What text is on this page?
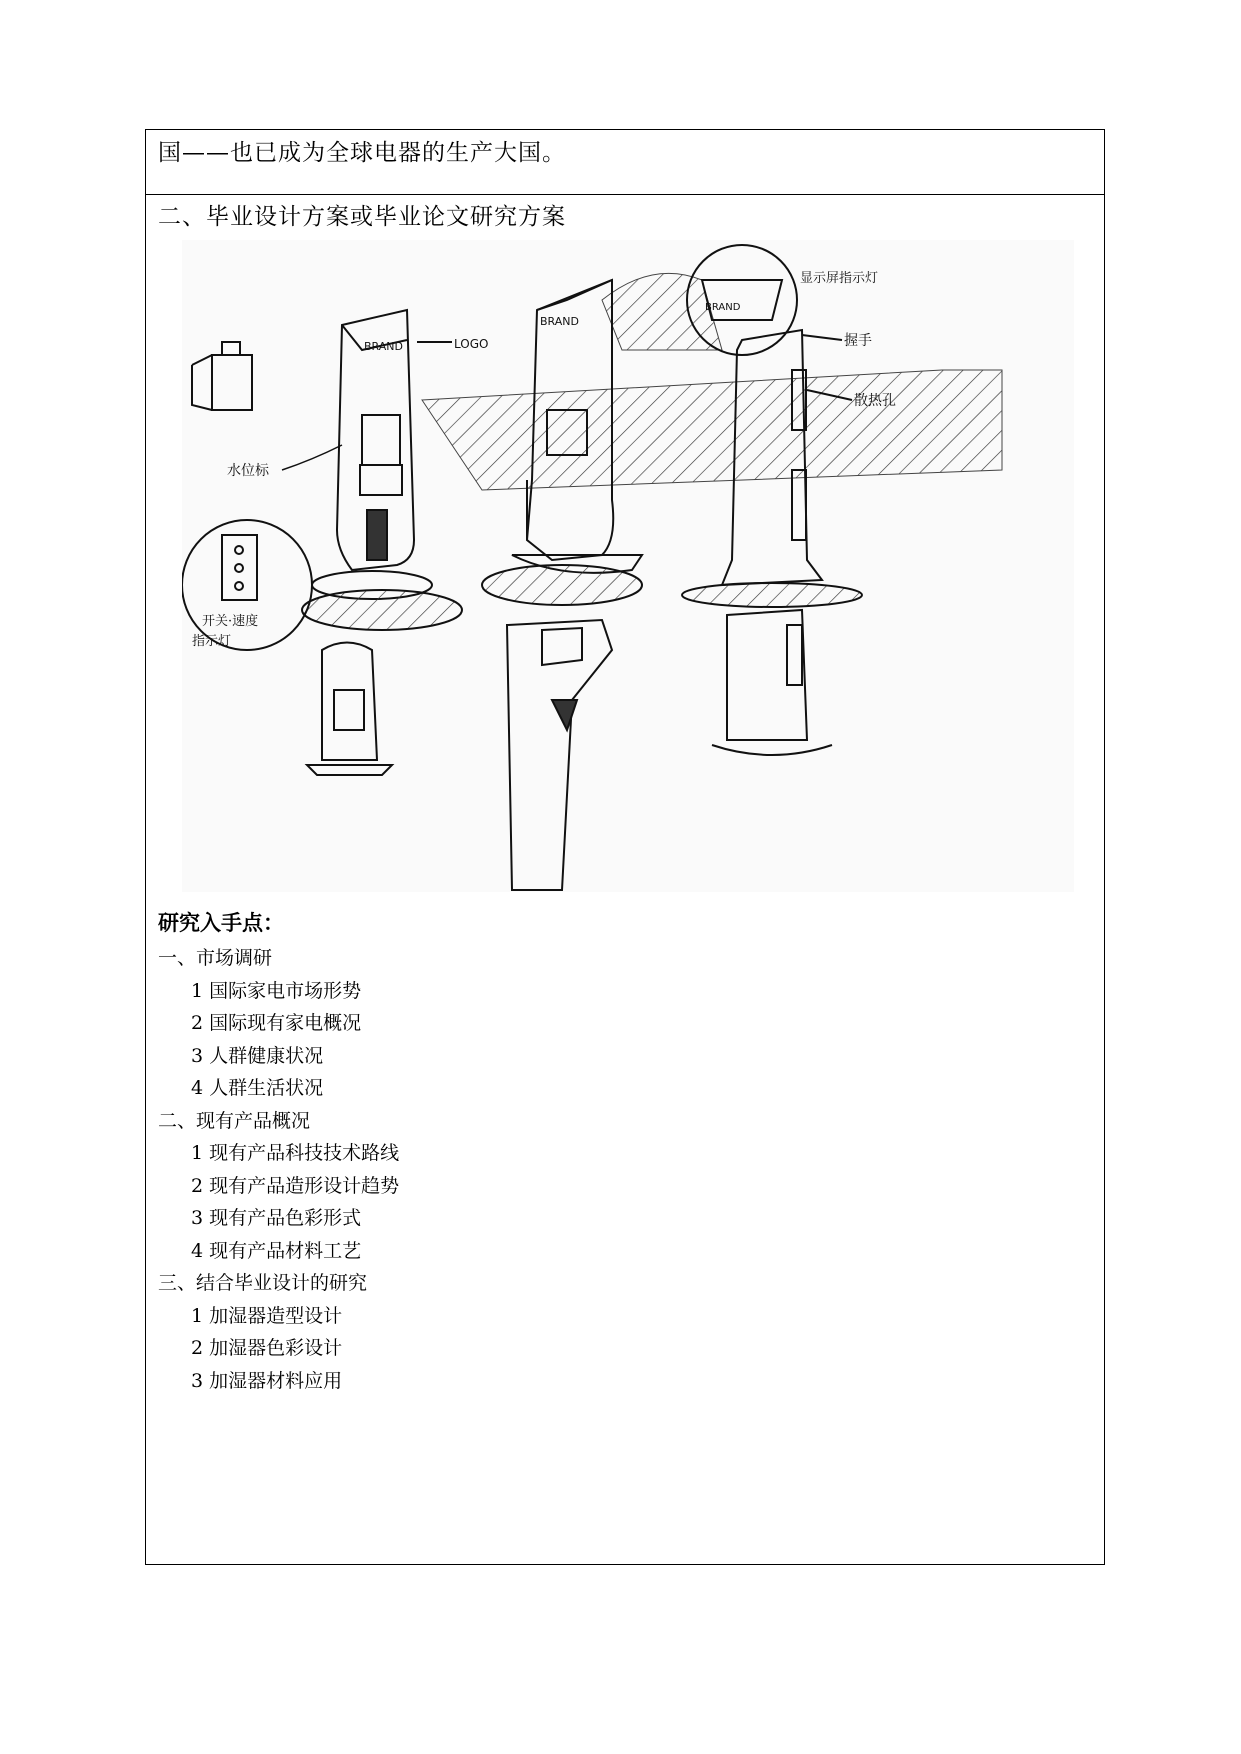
国——也已成为全球电器的生产大国。
二、毕业设计方案或毕业论文研究方案
BRAND	LOGO
BRAND
握手
散热孔
BRAND
显示屏指示灯
水位标
开关·速度
指示灯
研究入手点：
一、市场调研
1 国际家电市场形势
2 国际现有家电概况
3 人群健康状况
4 人群生活状况
二、现有产品概况
1 现有产品科技技术路线
2 现有产品造形设计趋势
3 现有产品色彩形式
4 现有产品材料工艺
三、结合毕业设计的研究
1 加湿器造型设计
2 加湿器色彩设计
3 加湿器材料应用
